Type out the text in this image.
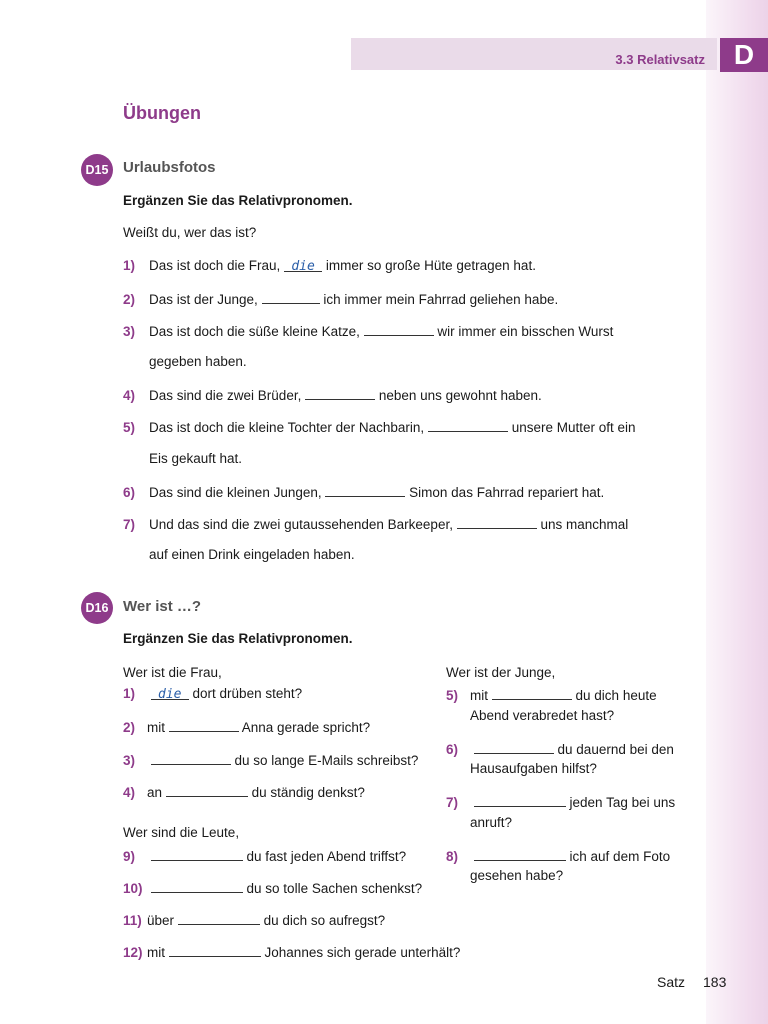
3.3 Relativsatz	D
Übungen
D15 Urlaubsfotos
Ergänzen Sie das Relativpronomen.
Weißt du, wer das ist?
1) Das ist doch die Frau, die immer so große Hüte getragen hat.
2) Das ist der Junge,	ich immer mein Fahrrad geliehen habe.
3) Das ist doch die süße kleine Katze,	wir immer ein bisschen Wurst
gegeben haben.
4) Das sind die zwei Brüder,	neben uns gewohnt haben.
5) Das ist doch die kleine Tochter der Nachbarin,	unsere Mutter oft ein
Eis gekauft hat.
6) Das sind die kleinen Jungen,	Simon das Fahrrad repariert hat.
7) Und das sind die zwei gutaussehenden Barkeeper,	uns manchmal
auf einen Drink eingeladen haben.
D16 Wer ist …?
Ergänzen Sie das Relativpronomen.
Wer ist die Frau,
1) die dort drüben steht?
2) mit	Anna gerade spricht?
3)	du so lange E-Mails schreibst?
4) an	du ständig denkst?
Wer sind die Leute,
9)	du fast jeden Abend triffst?
10)	du so tolle Sachen schenkst?
11) über	du dich so aufregst?
12) mit	Johannes sich gerade unterhält?
Wer ist der Junge,
5) mit	du dich heute
Abend verabredet hast?
6)	du dauernd bei den
Hausaufgaben hilfst?
7)	jeden Tag bei uns
anruft?
8)	ich auf dem Foto
gesehen habe?
Satz 183
